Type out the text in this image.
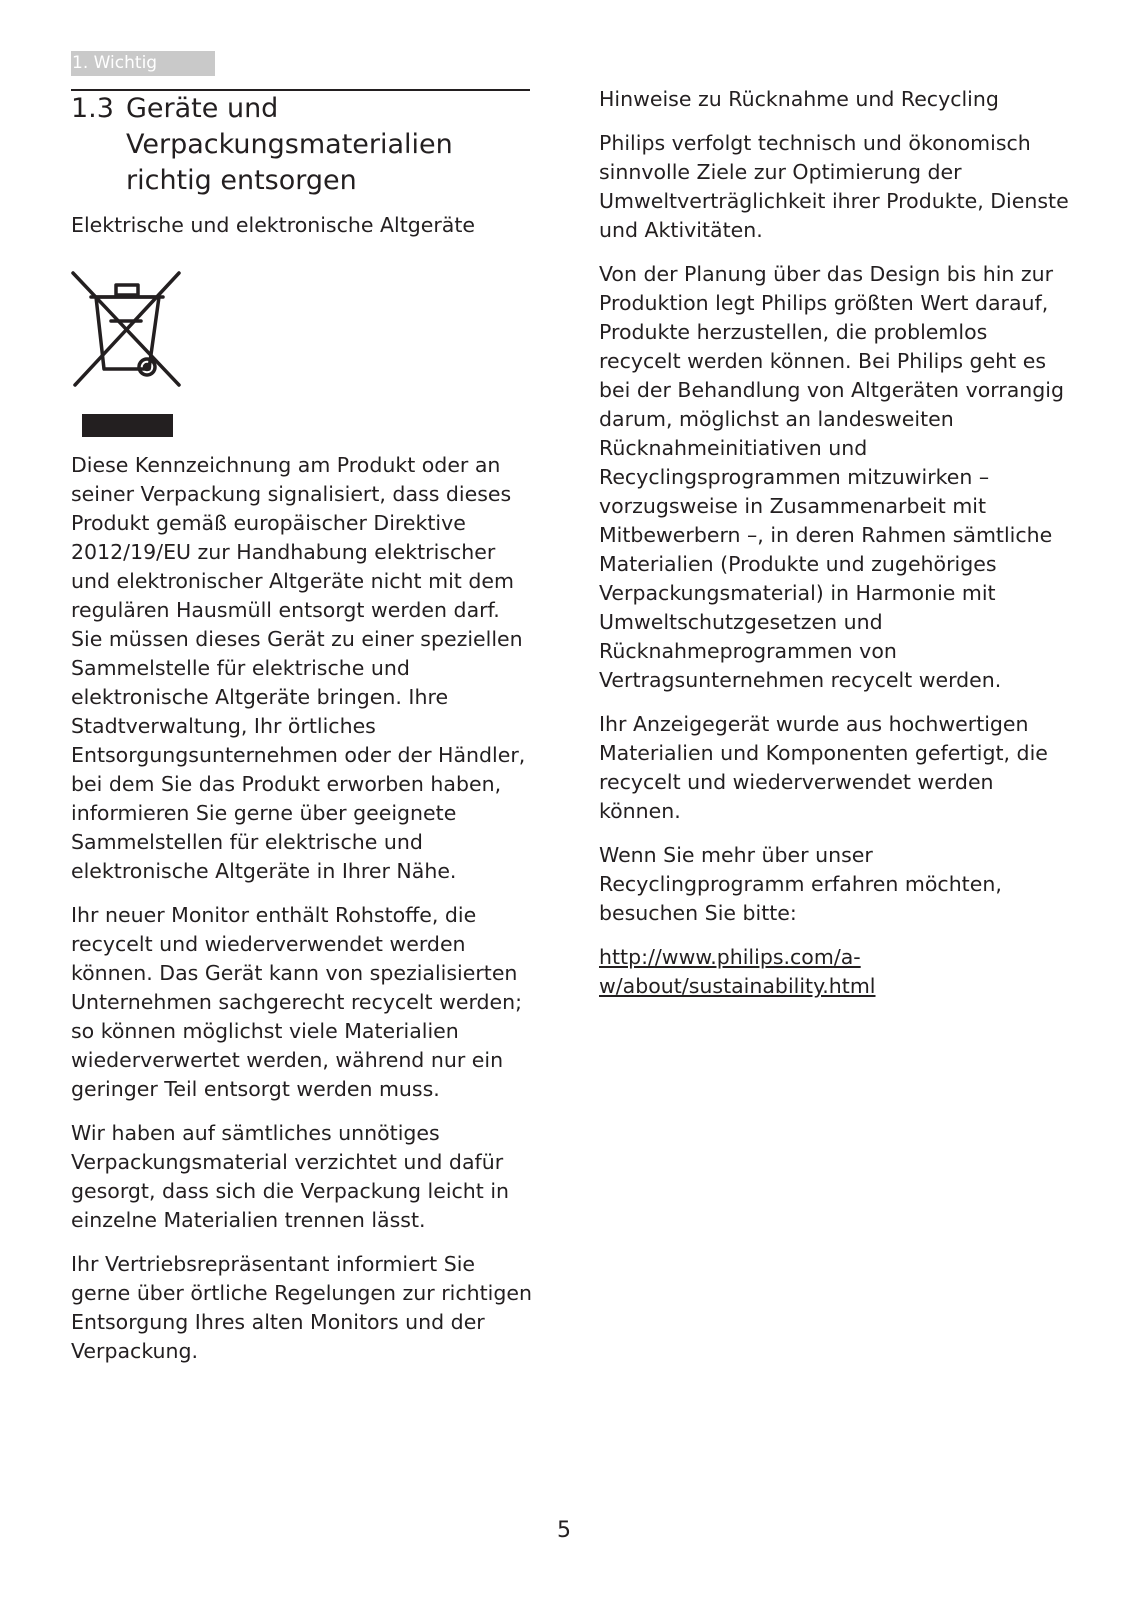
1. Wichtig
1.3 Geräte und Verpackungsmaterialien richtig entsorgen

Elektrische und elektronische Altgeräte

Diese Kennzeichnung am Produkt oder an seiner Verpackung signalisiert, dass dieses Produkt gemäß europäischer Direktive 2012/19/EU zur Handhabung elektrischer und elektronischer Altgeräte nicht mit dem regulären Hausmüll entsorgt werden darf. Sie müssen dieses Gerät zu einer speziellen Sammelstelle für elektrische und elektronische Altgeräte bringen. Ihre Stadtverwaltung, Ihr örtliches Entsorgungsunternehmen oder der Händler, bei dem Sie das Produkt erworben haben, informieren Sie gerne über geeignete Sammelstellen für elektrische und elektronische Altgeräte in Ihrer Nähe.

Ihr neuer Monitor enthält Rohstoffe, die recycelt und wiederverwendet werden können. Das Gerät kann von spezialisierten Unternehmen sachgerecht recycelt werden; so können möglichst viele Materialien wiederverwertet werden, während nur ein geringer Teil entsorgt werden muss.

Wir haben auf sämtliches unnötiges Verpackungsmaterial verzichtet und dafür gesorgt, dass sich die Verpackung leicht in einzelne Materialien trennen lässt.

Ihr Vertriebsrepräsentant informiert Sie gerne über örtliche Regelungen zur richtigen Entsorgung Ihres alten Monitors und der Verpackung.

Hinweise zu Rücknahme und Recycling

Philips verfolgt technisch und ökonomisch sinnvolle Ziele zur Optimierung der Umweltverträglichkeit ihrer Produkte, Dienste und Aktivitäten.

Von der Planung über das Design bis hin zur Produktion legt Philips größten Wert darauf, Produkte herzustellen, die problemlos recycelt werden können. Bei Philips geht es bei der Behandlung von Altgeräten vorrangig darum, möglichst an landesweiten Rücknahmeinitiativen und Recyclingsprogrammen mitzuwirken – vorzugsweise in Zusammenarbeit mit Mitbewerbern –, in deren Rahmen sämtliche Materialien (Produkte und zugehöriges Verpackungsmaterial) in Harmonie mit Umweltschutzgesetzen und Rücknahmeprogrammen von Vertragsunternehmen recycelt werden.

Ihr Anzeigegerät wurde aus hochwertigen Materialien und Komponenten gefertigt, die recycelt und wiederverwendet werden können.

Wenn Sie mehr über unser Recyclingprogramm erfahren möchten, besuchen Sie bitte:

http://www.philips.com/a-w/about/sustainability.html

5
